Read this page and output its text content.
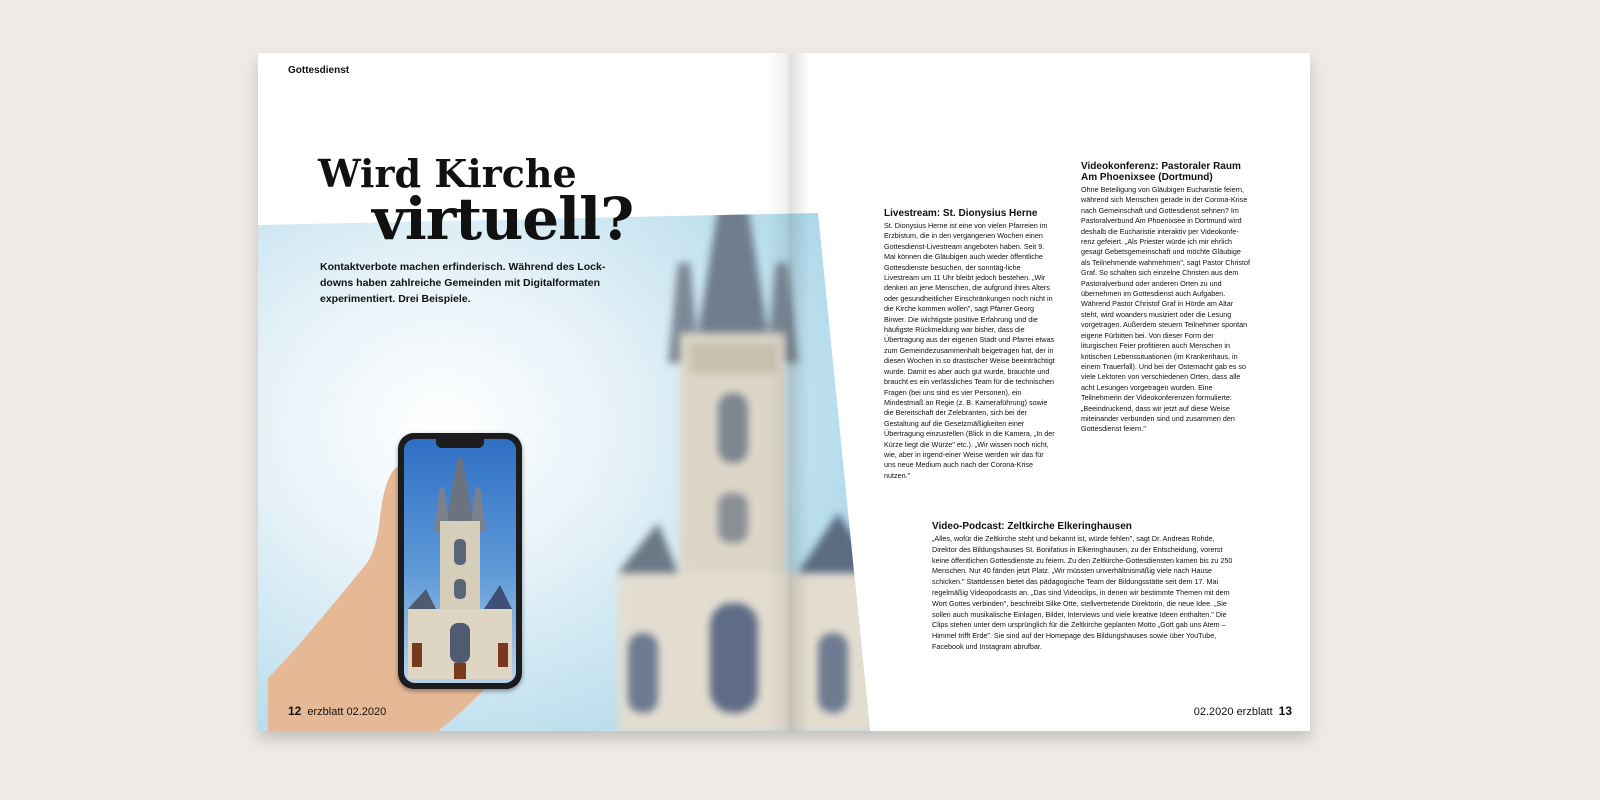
Gottesdienst
Wird Kirche
virtuell?
Kontaktverbote machen erfinderisch. Während des Lock-downs haben zahlreiche Gemeinden mit Digitalformaten experimentiert. Drei Beispiele.
12 erzblatt 02.2020

Videokonferenz: Pastoraler Raum Am Phoenixsee (Dortmund)

Ohne Beteiligung von Gläubigen Eucharistie feiern, während sich Menschen gerade in der Corona-Krise nach Gemeinschaft und Gottesdienst sehnen? Im Pastoralverbund Am Phoenixsee in Dortmund wird deshalb die Eucharistie interaktiv per Videokonfe-renz gefeiert. „Als Priester würde ich mir ehrlich gesagt Gebetsgemeinschaft und möchte Gläubige als Teilnehmende wahrnehmen", sagt Pastor Christof Graf. So schalten sich einzelne Christen aus dem Pastoralverbund oder anderen Orten zu und übernehmen im Gottesdienst auch Aufgaben. Während Pastor Christof Graf in Hörde am Altar steht, wird woanders musiziert oder die Lesung vorgetragen. Außerdem steuern Teilnehmer spontan eigene Fürbitten bei. Von dieser Form der liturgischen Feier profitieren auch Menschen in kritischen Lebenssituationen (im Krankenhaus, in einem Trauerfall). Und bei der Ostemacht gab es so viele Lektoren von verschiedenen Orten, dass alle acht Lesungen vorgetragen wurden. Eine Teilnehmerin der Videokonferenzen formulierte: „Beeindruckend, dass wir jetzt auf diese Weise miteinander verbunden sind und zusammen den Gottesdienst feiern."

Video-Podcast: Zeltkirche Elkeringhausen

„Alles, wofür die Zeltkirche steht und bekannt ist, würde fehlen", sagt Dr. Andreas Rohde, Direktor des Bildungshauses St. Bonifatius in Elkeringhausen, zu der Entscheidung, vorerst keine öffentlichen Gottesdienste zu feiern. Zu den Zeltkirche-Gottesdiensten kamen bis zu 250 Menschen. Nur 40 fänden jetzt Platz. „Wir müssten unverhältnismäßig viele nach Hause schicken." Stattdessen bietet das pädagogische Team der Bildungsstätte seit dem 17. Mai regelmäßig Videopodcasts an. „Das sind Videoclips, in denen wir bestimmte Themen mit dem Wort Gottes verbinden", beschreibt Silke Otte, stellvertretende Direktorin, die neue Idee. „Sie sollen auch musikalische Einlagen, Bilder, Interviews und viele kreative Ideen enthalten." Die Clips stehen unter dem ursprünglich für die Zeltkirche geplanten Motto „Gott gab uns Atem – Himmel trifft Erde". Sie sind auf der Homepage des Bildungshauses sowie über YouTube, Facebook und Instagram abrufbar.

02.2020 erzblatt 13

Livestream: St. Dionysius Herne

St. Dionysius Herne ist eine von vielen Pfarreien im Erzbistum, die in den vergangenen Wochen einen Gottesdienst-Livestream angeboten haben. Seit 9. Mai können die Gläubigen auch wieder öffentliche Gottesdienste besuchen, der sonntäg-liche Livestream um 11 Uhr bleibt jedoch bestehen. „Wir denken an jene Menschen, die aufgrund ihres Alters oder gesundheitlicher Einschränkungen noch nicht in die Kirche kommen wollen", sagt Pfarrer Georg Birwer. Die wichtigste positive Erfahrung und die häufigste Rückmeldung war bisher, dass die Übertragung aus der eigenen Stadt und Pfarrei etwas zum Gemeindezusammenhalt beigetragen hat, der in diesen Wochen in so drastischer Weise beeinträchtigt wurde. Damit es aber auch gut wurde, brauchte und braucht es ein verlässliches Team für die technischen Fragen (bei uns sind es vier Personen), ein Mindestmaß an Regie (z. B. Kameraführung) sowie die Bereitschaft der Zelebranten, sich bei der Gestaltung auf die Gesetzmäßigkeiten einer Übertragung einzustellen (Blick in die Kamera, „In der Kürze liegt die Würze" etc.). „Wir wissen noch nicht, wie, aber in irgend-einer Weise werden wir das für uns neue Medium auch nach der Corona-Krise nutzen."
